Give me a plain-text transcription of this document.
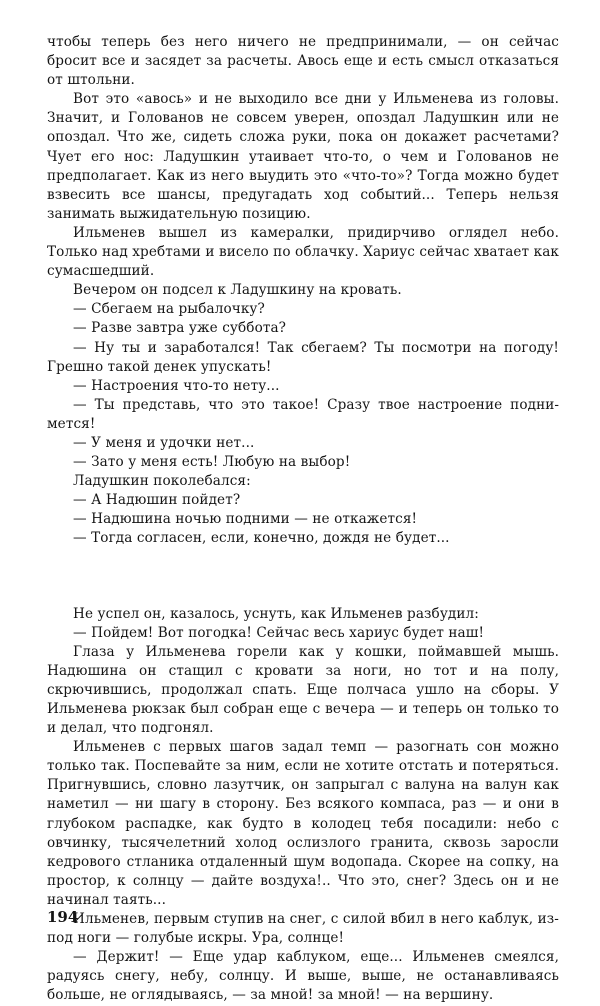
чтобы теперь без него ничего не предпринимали, — он сейчас бросит все и засядет за расчеты. Авось еще и есть смысл отказаться от штольни.

Вот это «авось» и не выходило все дни у Ильменева из головы. Значит, и Голованов не совсем уверен, опоздал Ладушкин или не опоздал. Что же, сидеть сложа руки, пока он докажет расчетами? Чует его нос: Ладушкин утаивает что-то, о чем и Голованов не предполагает. Как из него выудить это «что-то»? Тогда можно будет взвесить все шансы, предугадать ход событий... Теперь нельзя занимать выжидательную позицию.

Ильменев вышел из камералки, придирчиво оглядел небо. Только над хребтами и висело по облачку. Хариус сейчас хватает как сумасшедший.

Вечером он подсел к Ладушкину на кровать.

— Сбегаем на рыбалочку?

— Разве завтра уже суббота?

— Ну ты и заработался! Так сбегаем? Ты посмотри на погоду! Грешно такой денек упускать!

— Настроения что-то нету...

— Ты представь, что это такое! Сразу твое настроение поднимется!

— У меня и удочки нет...

— Зато у меня есть! Любую на выбор!

Ладушкин поколебался:

— А Надюшин пойдет?

— Надюшина ночью подними — не откажется!

— Тогда согласен, если, конечно, дождя не будет...

Не успел он, казалось, уснуть, как Ильменев разбудил:

— Пойдем! Вот погодка! Сейчас весь хариус будет наш!

Глаза у Ильменева горели как у кошки, поймавшей мышь. Надюшина он стащил с кровати за ноги, но тот и на полу, скрючившись, продолжал спать. Еще полчаса ушло на сборы. У Ильменева рюкзак был собран еще с вечера — и теперь он только то и делал, что подгонял.

Ильменев с первых шагов задал темп — разогнать сон можно только так. Поспевайте за ним, если не хотите отстать и потеряться. Пригнувшись, словно лазутчик, он запрыгал с валуна на валун как наметил — ни шагу в сторону. Без всякого компаса, раз — и они в глубоком распадке, как будто в колодец тебя посадили: небо с овчинку, тысячелетний холод ослизлого гранита, сквозь заросли кедрового стланика отдаленный шум водопада. Скорее на сопку, на простор, к солнцу — дайте воздуха!.. Что это, снег? Здесь он и не начинал таять...

Ильменев, первым ступив на снег, с силой вбил в него каблук, из-под ноги — голубые искры. Ура, солнце!

— Держит! — Еще удар каблуком, еще... Ильменев смеялся, радуясь снегу, небу, солнцу. И выше, выше, не останавливаясь больше, не оглядываясь, — за мной! за мной! — на вершину.

194
